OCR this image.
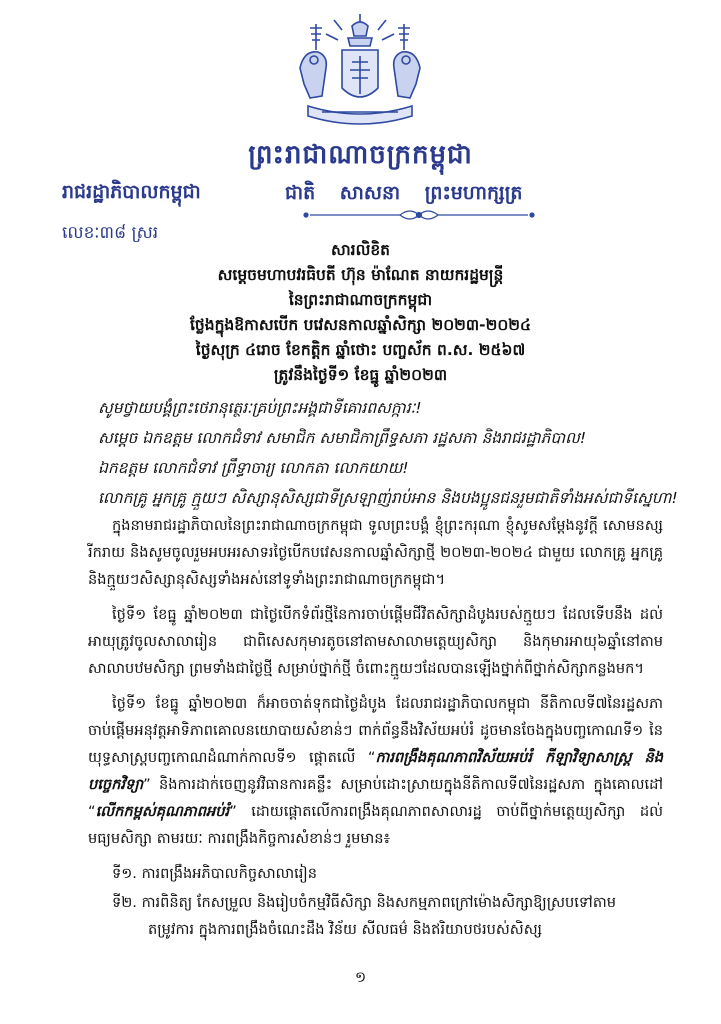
ព្រះរាជាណាចក្រកម្ពុជា
រាជរដ្ឋាភិបាលកម្ពុជា
លេខៈ៣៨ ស្ររ
ជាតិ សាសនា ព្រះមហាក្សត្រ
សារលិខិត
សម្ដេចមហាបវរធិបតី ហ៊ុន ម៉ាណែត នាយករដ្ឋមន្ត្រី
នៃព្រះរាជាណាចក្រកម្ពុជា
ថ្លែងក្នុងឱកាសបើក បវេសនកាលឆ្នាំសិក្សា ២០២៣-២០២៤
ថ្ងៃសុក្រ ៤រោច ខែកត្តិក ឆ្នាំថោះ បញ្ចស័ក ព.ស. ២៥៦៧
ត្រូវនឹងថ្ងៃទី១ ខែធ្នូ ឆ្នាំ២០២៣
សូមថ្វាយបង្គំព្រះថេរានុត្ថេរៈគ្រប់ព្រះអង្គជាទីគោរពសក្ការៈ!
សម្ដេច ឯកឧត្ដម លោកជំទាវ សមាជិក សមាជិកាព្រឹទ្ធសភា រដ្ឋសភា និងរាជរដ្ឋាភិបាល!
ឯកឧត្ដម លោកជំទាវ ព្រឹទ្ធាចារ្យ លោកតា លោកយាយ!
លោកគ្រូ អ្នកគ្រូ ក្មួយៗ សិស្សានុសិស្សជាទីស្រឡាញ់រាប់អាន និងបងប្អូនជនរួមជាតិទាំងអស់ជាទីស្នេហា!

ក្នុងនាមរាជរដ្ឋាភិបាលនៃព្រះរាជាណាចក្រកម្ពុជា ទូលព្រះបង្គំ ខ្ញុំព្រះករុណា ខ្ញុំសូមសម្ដែងនូវក្ដី សោមនស្ស រីករាយ និងសូមចូលរួមអបអរសាទរថ្ងៃបើកបវេសនកាលឆ្នាំសិក្សាថ្មី ២០២៣-២០២៤ ជាមួយ លោកគ្រូ អ្នកគ្រូ និងក្មួយៗសិស្សានុសិស្សទាំងអស់នៅទូទាំងព្រះរាជាណាចក្រកម្ពុជា។

ថ្ងៃទី១ ខែធ្នូ ឆ្នាំ២០២៣ ជាថ្ងៃបើកទំព័រថ្មីនៃការចាប់ផ្ដើមជីវិតសិក្សាដំបូងរបស់ក្មួយៗ ដែលទើបនឹង ដល់អាយុត្រូវចូលសាលារៀន ជាពិសេសកុមារតូចនៅតាមសាលាមត្តេយ្យសិក្សា និងកុមារអាយុ៦ឆ្នាំនៅតាម សាលាបឋមសិក្សា ព្រមទាំងជាថ្ងៃថ្មី សម្រាប់ថ្នាក់ថ្មី ចំពោះក្មួយៗដែលបានឡើងថ្នាក់ពីថ្នាក់សិក្សាកន្លងមក។

ថ្ងៃទី១ ខែធ្នូ ឆ្នាំ២០២៣ ក៏អាចចាត់ទុកជាថ្ងៃដំបូង ដែលរាជរដ្ឋាភិបាលកម្ពុជា នីតិកាលទី៧នៃរដ្ឋសភា ចាប់ផ្ដើមអនុវត្តអាទិភាពគោលនយោបាយសំខាន់ៗ ពាក់ព័ន្ធនឹងវិស័យអប់រំ ដូចមានចែងក្នុងបញ្ចកោណទី១ នៃ យុទ្ធសាស្ត្របញ្ចកោណដំណាក់កាលទី១ ផ្ដោតលើ “ការពង្រឹងគុណភាពវិស័យអប់រំ កីឡាវិទ្យាសាស្ត្រ និងបច្ចេកវិទ្យា” និងការដាក់ចេញនូវវិធានការគន្លឹះ សម្រាប់ដោះស្រាយក្នុងនីតិកាលទី៧នៃរដ្ឋសភា ក្នុងគោលដៅ “លើកកម្ពស់គុណភាពអប់រំ” ដោយផ្ដោតលើការពង្រឹងគុណភាពសាលារដ្ឋ ចាប់ពីថ្នាក់មត្តេយ្យសិក្សា ដល់មធ្យមសិក្សា តាមរយៈ ការពង្រឹងកិច្ចការសំខាន់ៗ រួមមាន៖

ទី១. ការពង្រឹងអភិបាលកិច្ចសាលារៀន
ទី២. ការពិនិត្យ កែសម្រួល និងរៀបចំកម្មវិធីសិក្សា និងសកម្មភាពក្រៅម៉ោងសិក្សាឱ្យស្របទៅតាម តម្រូវការ ក្នុងការពង្រឹងចំណេះដឹង វិន័យ សីលធម៌ និងឥរិយាបថរបស់សិស្ស
១
